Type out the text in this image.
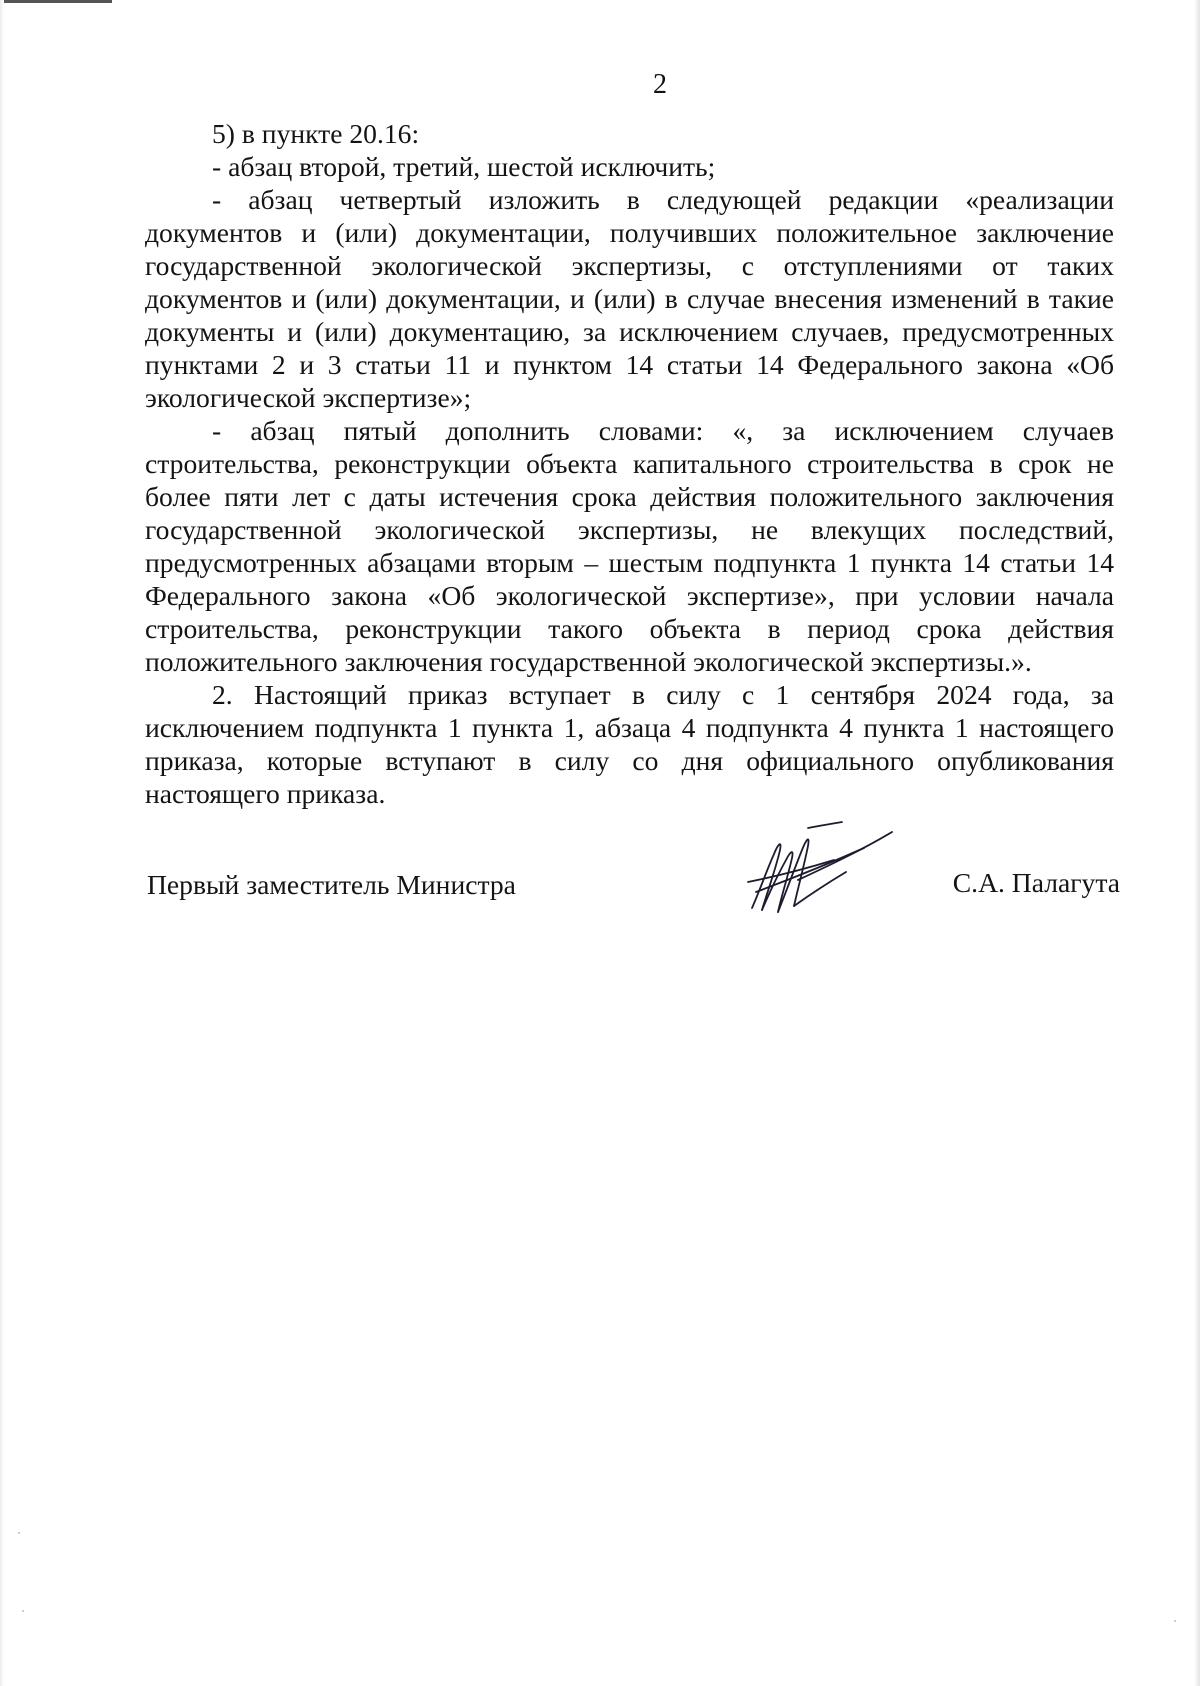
2

5) в пункте 20.16:

- абзац второй, третий, шестой исключить;

- абзац четвертый изложить в следующей редакции «реализации документов и (или) документации, получивших положительное заключение государственной экологической экспертизы, с отступлениями от таких документов и (или) документации, и (или) в случае внесения изменений в такие документы и (или) документацию, за исключением случаев, предусмотренных пунктами 2 и 3 статьи 11 и пунктом 14 статьи 14 Федерального закона «Об экологической экспертизе»;

- абзац пятый дополнить словами: «, за исключением случаев строительства, реконструкции объекта капитального строительства в срок не более пяти лет с даты истечения срока действия положительного заключения государственной экологической экспертизы, не влекущих последствий, предусмотренных абзацами вторым – шестым подпункта 1 пункта 14 статьи 14 Федерального закона «Об экологической экспертизе», при условии начала строительства, реконструкции такого объекта в период срока действия положительного заключения государственной экологической экспертизы.».

2. Настоящий приказ вступает в силу с 1 сентября 2024 года, за исключением подпункта 1 пункта 1, абзаца 4 подпункта 4 пункта 1 настоящего приказа, которые вступают в силу со дня официального опубликования настоящего приказа.

Первый заместитель Министра	С.А. Палагута
